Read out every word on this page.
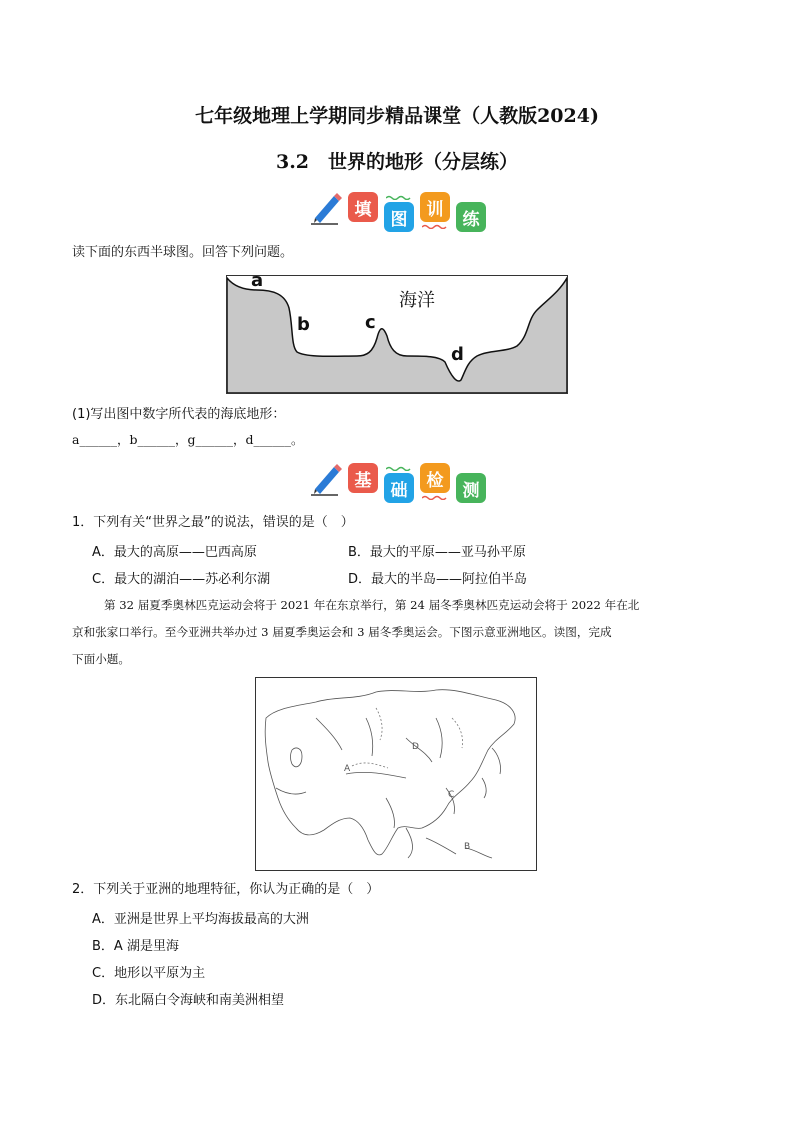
七年级地理上学期同步精品课堂（人教版2024)
3.2　世界的地形（分层练）
填 图 训 练
读下面的东西半球图。回答下列问题。
a
b	c
d
海洋
(1)写出图中数字所代表的海底地形：
a______，b______，g______，d______。
基 础 检 测
1．下列有关“世界之最”的说法，错误的是（　）
A．最大的高原——巴西高原	B．最大的平原——亚马孙平原
C．最大的湖泊——苏必利尔湖	D．最大的半岛——阿拉伯半岛
第 32 届夏季奥林匹克运动会将于 2021 年在东京举行，第 24 届冬季奥林匹克运动会将于 2022 年在北
京和张家口举行。至今亚洲共举办过 3 届夏季奥运会和 3 届冬季奥运会。下图示意亚洲地区。读图，完成
下面小题。
A
B
C
D
2．下列关于亚洲的地理特征，你认为正确的是（　）
A．亚洲是世界上平均海拔最高的大洲
B．A 湖是里海
C．地形以平原为主
D．东北隔白令海峡和南美洲相望
